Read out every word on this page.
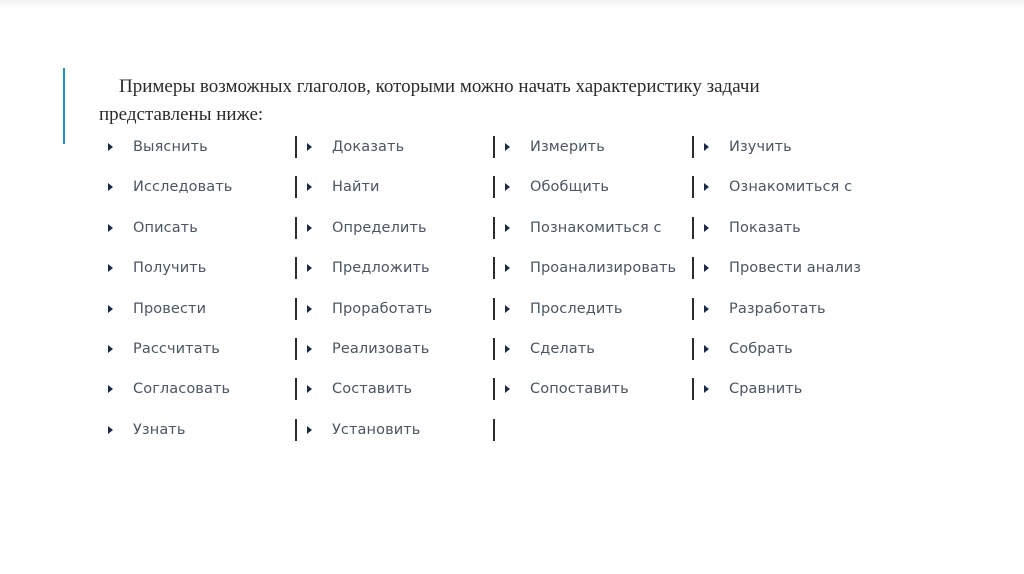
Примеры возможных глаголов, которыми можно начать характеристику задачи представлены ниже:

Выяснить
Исследовать
Описать
Получить
Провести
Рассчитать
Согласовать
Узнать
Доказать
Найти
Определить
Предложить
Проработать
Реализовать
Составить
Установить
Измерить
Обобщить
Познакомиться с
Проанализировать
Проследить
Сделать
Сопоставить
Изучить
Ознакомиться с
Показать
Провести анализ
Разработать
Собрать
Сравнить
